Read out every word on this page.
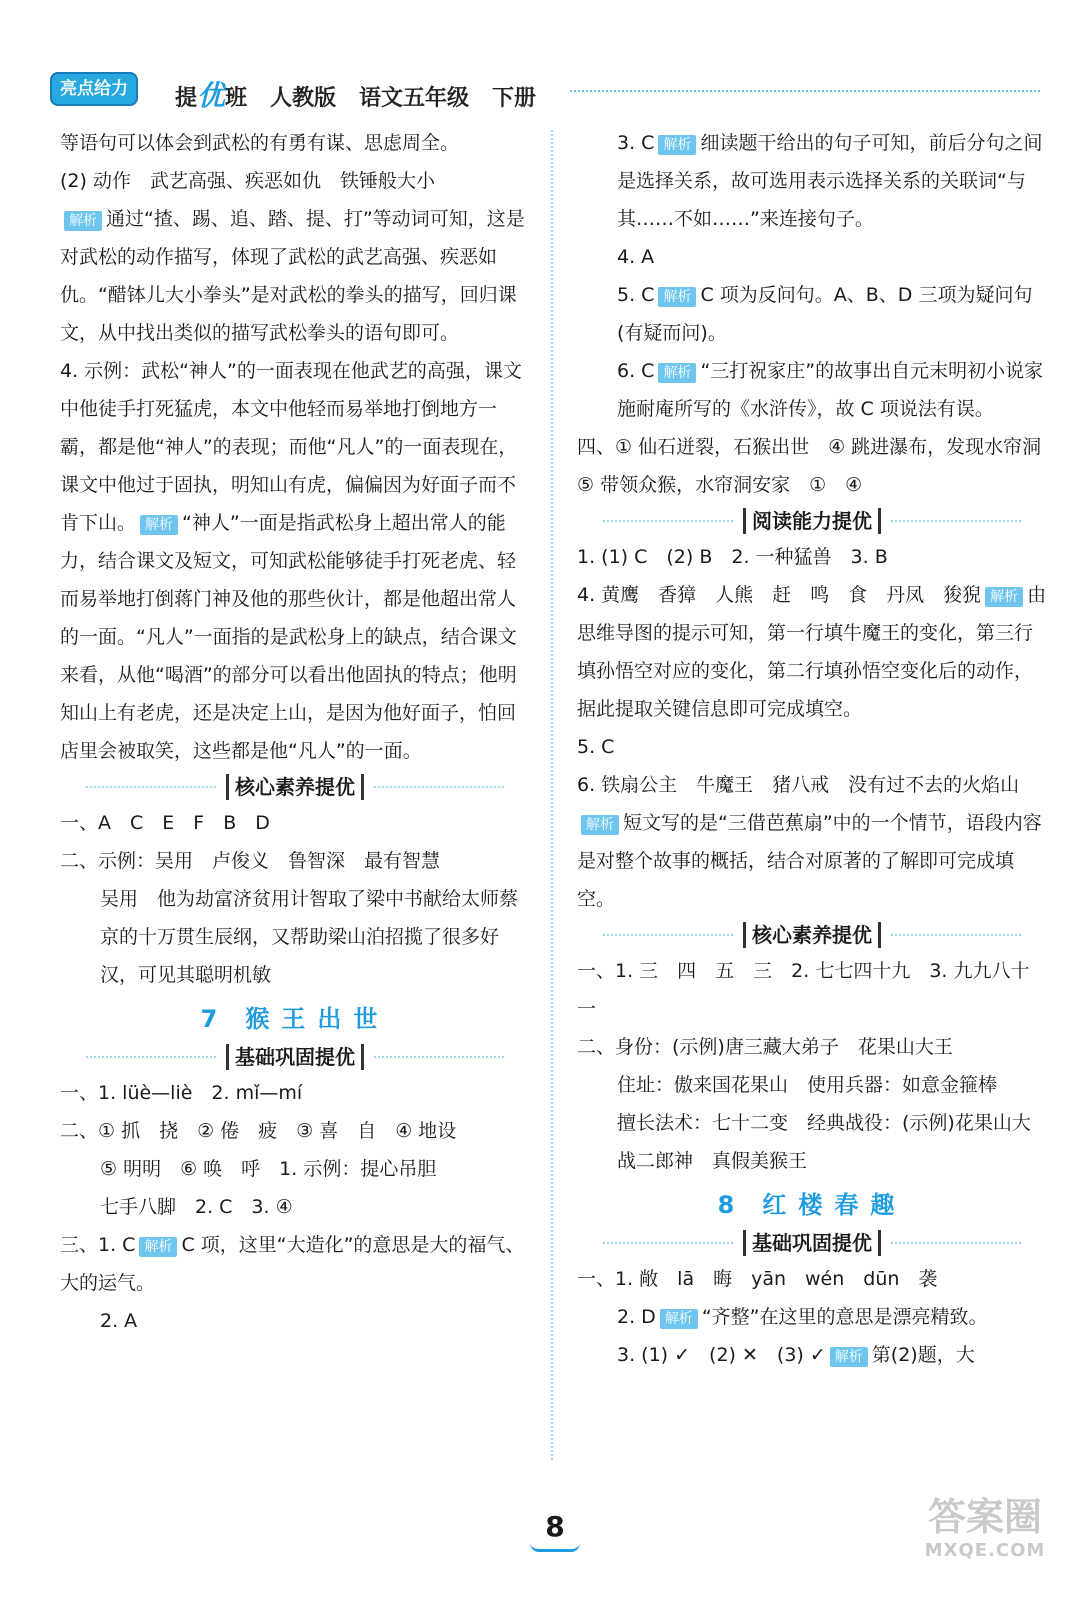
亮点给力	提优班 人教版 语文五年级 下册

等语句可以体会到武松的有勇有谋、思虑周全。

(2) 动作　武艺高强、疾恶如仇　铁锤般大小

解析 通过“揸、踢、追、踏、提、打”等动词可知，这是对武松的动作描写，体现了武松的武艺高强、疾恶如仇。“醋钵儿大小拳头”是对武松的拳头的描写，回归课文，从中找出类似的描写武松拳头的语句即可。

4. 示例：武松“神人”的一面表现在他武艺的高强，课文中他徒手打死猛虎，本文中他轻而易举地打倒地方一霸，都是他“神人”的表现；而他“凡人”的一面表现在，课文中他过于固执，明知山有虎，偏偏因为好面子而不肯下山。 解析 “神人”一面是指武松身上超出常人的能力，结合课文及短文，可知武松能够徒手打死老虎、轻而易举地打倒蒋门神及他的那些伙计，都是他超出常人的一面。“凡人”一面指的是武松身上的缺点，结合课文来看，从他“喝酒”的部分可以看出他固执的特点；他明知山上有老虎，还是决定上山，是因为他好面子，怕回店里会被取笑，这些都是他“凡人”的一面。

核心素养提优

一、A　C　E　F　B　D

二、示例：吴用　卢俊义　鲁智深　最有智慧

吴用　他为劫富济贫用计智取了梁中书献给太师蔡京的十万贯生辰纲，又帮助梁山泊招揽了很多好汉，可见其聪明机敏

7 猴王出世
基础巩固提优

一、1. lüè—liè　2. mǐ—mí

二、① 抓　挠　② 倦　疲　③ 喜　自　④ 地设

⑤ 明明　⑥ 唤　呼　1. 示例：提心吊胆

七手八脚　2. C　3. ④

三、1. C 解析 C 项，这里“大造化”的意思是大的福气、大的运气。

2. A

3. C 解析 细读题干给出的句子可知，前后分句之间是选择关系，故可选用表示选择关系的关联词“与其……不如……”来连接句子。

4. A

5. C 解析 C 项为反问句。A、B、D 三项为疑问句(有疑而问)。

6. C 解析 “三打祝家庄”的故事出自元末明初小说家施耐庵所写的《水浒传》，故 C 项说法有误。

四、① 仙石迸裂，石猴出世　④ 跳进瀑布，发现水帘洞　⑤ 带领众猴，水帘洞安家　①　④

阅读能力提优

1. (1) C　(2) B　2. 一种猛兽　3. B

4. 黄鹰　香獐　人熊　赶　鸣　食　丹凤　狻猊 解析 由思维导图的提示可知，第一行填牛魔王的变化，第三行填孙悟空对应的变化，第二行填孙悟空变化后的动作，据此提取关键信息即可完成填空。

5. C

6. 铁扇公主　牛魔王　猪八戒　没有过不去的火焰山解析 短文写的是“三借芭蕉扇”中的一个情节，语段内容是对整个故事的概括，结合对原著的了解即可完成填空。

核心素养提优

一、1. 三　四　五　三　2. 七七四十九　3. 九九八十一

二、身份：(示例)唐三藏大弟子　花果山大王

住址：傲来国花果山　使用兵器：如意金箍棒

擅长法术：七十二变　经典战役：(示例)花果山大战二郎神　真假美猴王

8 红楼春趣
基础巩固提优

一、1. 敞　lā　晦　yān　wén　dūn　袭

2. D 解析 “齐整”在这里的意思是漂亮精致。

3. (1) ✓　(2) ✕　(3) ✓ 解析 第(2)题，大

8	答案圈
MXQE.COM
